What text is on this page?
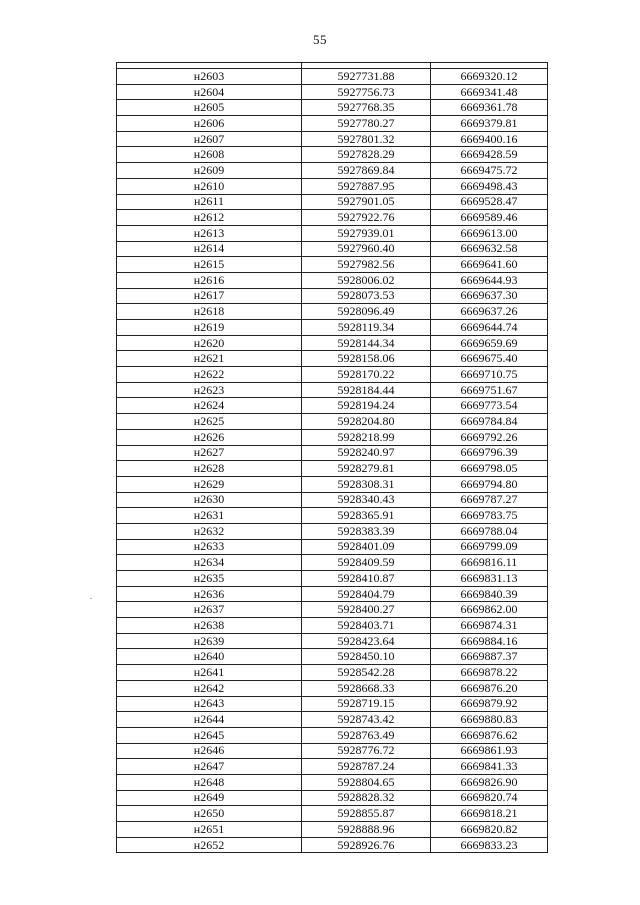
55

н2603	5927731.88	6669320.12
н2604	5927756.73	6669341.48
н2605	5927768.35	6669361.78
н2606	5927780.27	6669379.81
н2607	5927801.32	6669400.16
н2608	5927828.29	6669428.59
н2609	5927869.84	6669475.72
н2610	5927887.95	6669498.43
н2611	5927901.05	6669528.47
н2612	5927922.76	6669589.46
н2613	5927939.01	6669613.00
н2614	5927960.40	6669632.58
н2615	5927982.56	6669641.60
н2616	5928006.02	6669644.93
н2617	5928073.53	6669637.30
н2618	5928096.49	6669637.26
н2619	5928119.34	6669644.74
н2620	5928144.34	6669659.69
н2621	5928158.06	6669675.40
н2622	5928170.22	6669710.75
н2623	5928184.44	6669751.67
н2624	5928194.24	6669773.54
н2625	5928204.80	6669784.84
н2626	5928218.99	6669792.26
н2627	5928240.97	6669796.39
н2628	5928279.81	6669798.05
н2629	5928308.31	6669794.80
н2630	5928340.43	6669787.27
н2631	5928365.91	6669783.75
н2632	5928383.39	6669788.04
н2633	5928401.09	6669799.09
н2634	5928409.59	6669816.11
н2635	5928410.87	6669831.13
н2636	5928404.79	6669840.39
н2637	5928400.27	6669862.00
н2638	5928403.71	6669874.31
н2639	5928423.64	6669884.16
н2640	5928450.10	6669887.37
н2641	5928542.28	6669878.22
н2642	5928668.33	6669876.20
н2643	5928719.15	6669879.92
н2644	5928743.42	6669880.83
н2645	5928763.49	6669876.62
н2646	5928776.72	6669861.93
н2647	5928787.24	6669841.33
н2648	5928804.65	6669826.90
н2649	5928828.32	6669820.74
н2650	5928855.87	6669818.21
н2651	5928888.96	6669820.82
н2652	5928926.76	6669833.23
